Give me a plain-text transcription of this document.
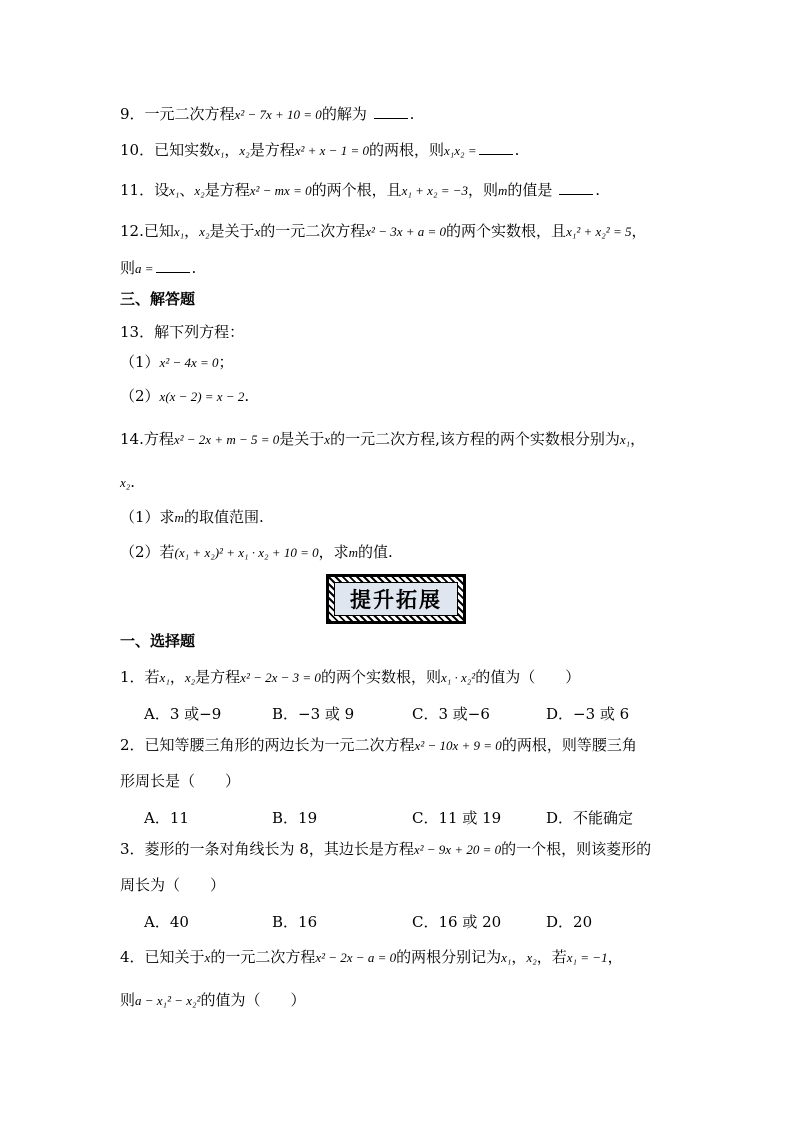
9．一元二次方程x² − 7x + 10 = 0的解为	.
10．已知实数x₁，x₂是方程x² + x − 1 = 0的两根，则x₁x₂ =	.
11．设x₁、x₂是方程x² − mx = 0的两个根，且x₁ + x₂ = −3，则m的值是	.
12.已知x₁，x₂是关于x的一元二次方程x² − 3x + a = 0的两个实数根，且x₁² + x₂² = 5，
则a =	.
三、解答题
13．解下列方程：
（1）x² − 4x = 0；
（2）x(x − 2) = x − 2.
14.方程x² − 2x + m − 5 = 0是关于x的一元二次方程,该方程的两个实数根分别为x₁，
x₂.
（1）求m的取值范围.
（2）若(x₁ + x₂)² + x₁ · x₂ + 10 = 0，求m的值.
提升拓展
一、选择题
1．若x₁，x₂是方程x² − 2x − 3 = 0的两个实数根，则x₁ · x₂²的值为（　　）
A．3 或−9	B．−3 或 9	C．3 或−6	D．−3 或 6
2．已知等腰三角形的两边长为一元二次方程x² − 10x + 9 = 0的两根，则等腰三角
形周长是（　　）
A．11	B．19	C．11 或 19	D．不能确定
3．菱形的一条对角线长为 8，其边长是方程x² − 9x + 20 = 0的一个根，则该菱形的
周长为（　　）
A．40	B．16	C．16 或 20	D．20
4．已知关于x的一元二次方程x² − 2x − a = 0的两根分别记为x₁，x₂，若x₁ = −1，
则a − x₁² − x₂²的值为（　　）
